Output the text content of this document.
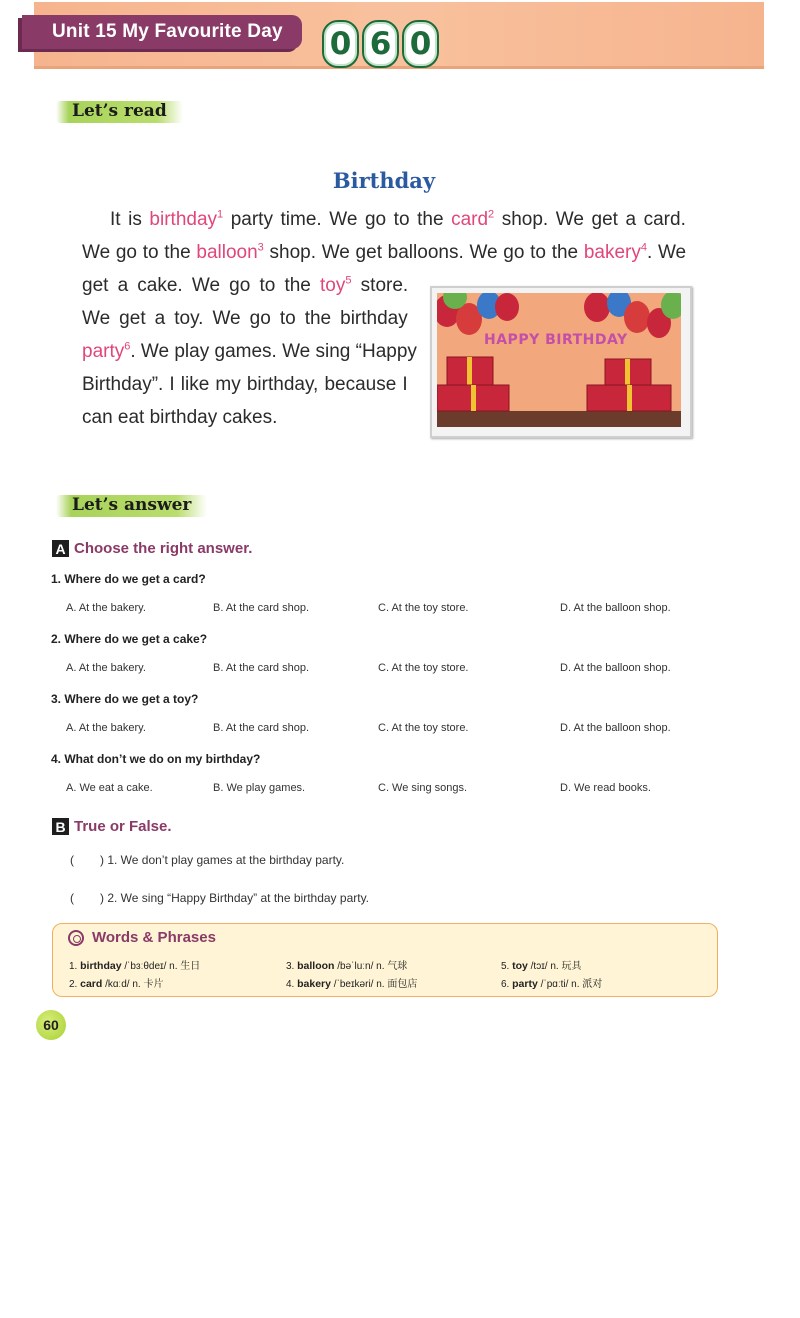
Unit 15 My Favourite Day 0 6 0
Let’s read
Birthday
It is birthday$^1$ party time. We go to the card$^2$ shop. We get a card.
We go to the balloon$^3$ shop. We get balloons. We go to the bakery$^4$. We
get a cake. We go to the toy$^5$ store.
We get a toy. We go to the birthday
party$^6$. We play games. We sing “Happy
Birthday”. I like my birthday, because I
can eat birthday cakes.
HAPPY BIRTHDAY
Let’s answer
A Choose the right answer.
1. Where do we get a card?
A. At the bakery.	B. At the card shop.	C. At the toy store.	D. At the balloon shop.
2. Where do we get a cake?
A. At the bakery.	B. At the card shop.	C. At the toy store.	D. At the balloon shop.
3. Where do we get a toy?
A. At the bakery.	B. At the card shop.	C. At the toy store.	D. At the balloon shop.
4. What don’t we do on my birthday?
A. We eat a cake.	B. We play games.	C. We sing songs.	D. We read books.
B True or False.
( ) 1. We don’t play games at the birthday party.
( ) 2. We sing “Happy Birthday” at the birthday party.
Words & Phrases
1. birthday /ˈbɜːθdeɪ/ n. 生日
2. card /kɑːd/ n. 卡片
3. balloon /bəˈluːn/ n. 气球
4. bakery /ˈbeɪkəri/ n. 面包店
5. toy /tɔɪ/ n. 玩具
6. party /ˈpɑːti/ n. 派对
60
